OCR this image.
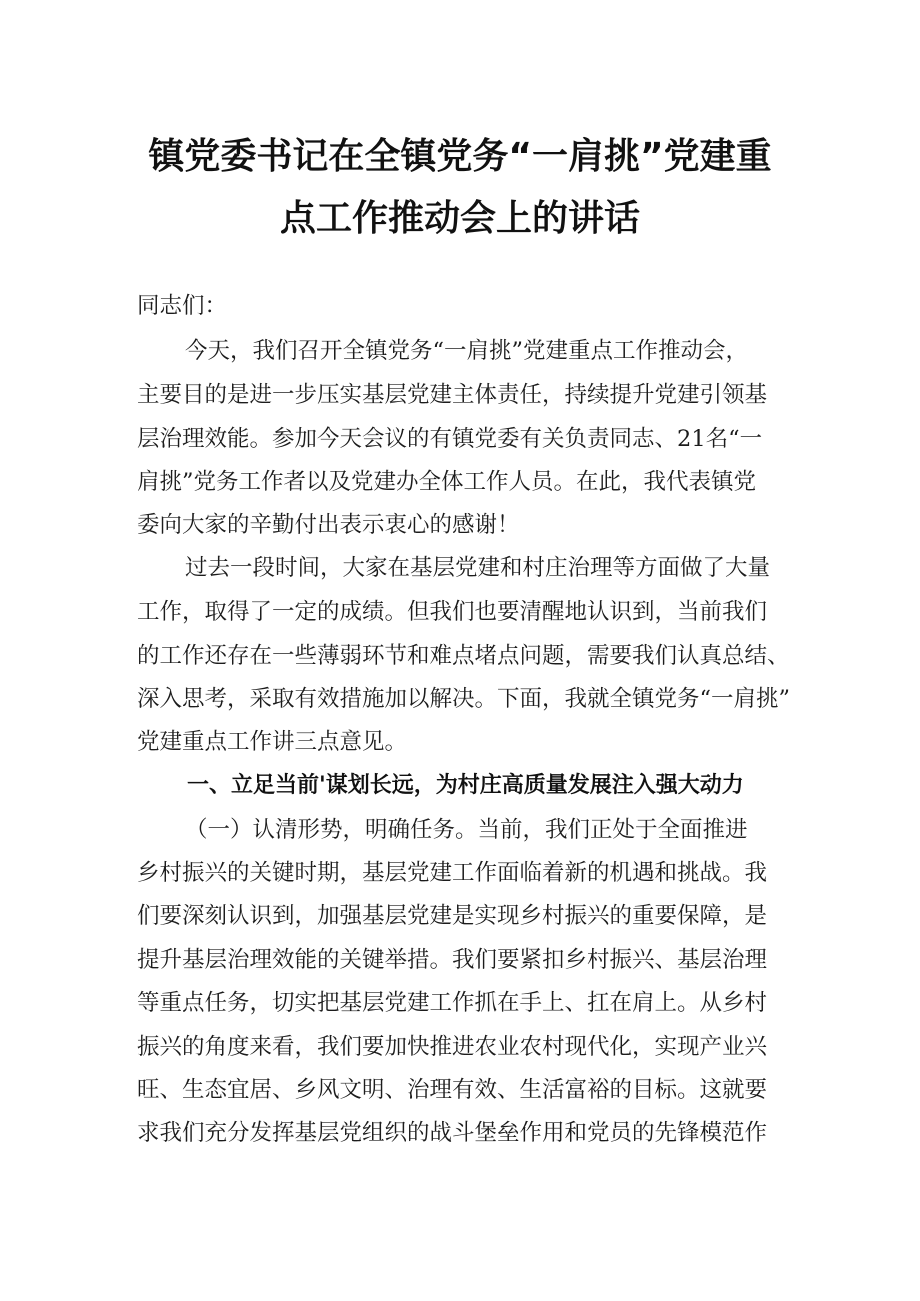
镇党委书记在全镇党务“一肩挑”党建重
点工作推动会上的讲话
同志们：
今天，我们召开全镇党务“一肩挑”党建重点工作推动会，
主要目的是进一步压实基层党建主体责任，持续提升党建引领基
层治理效能。参加今天会议的有镇党委有关负责同志、21名“一
肩挑”党务工作者以及党建办全体工作人员。在此，我代表镇党
委向大家的辛勤付出表示衷心的感谢！
过去一段时间，大家在基层党建和村庄治理等方面做了大量
工作，取得了一定的成绩。但我们也要清醒地认识到，当前我们
的工作还存在一些薄弱环节和难点堵点问题，需要我们认真总结、
深入思考，采取有效措施加以解决。下面，我就全镇党务“一肩挑”
党建重点工作讲三点意见。
一、立足当前'谋划长远，为村庄高质量发展注入强大动力
（一）认清形势，明确任务。当前，我们正处于全面推进
乡村振兴的关键时期，基层党建工作面临着新的机遇和挑战。我
们要深刻认识到，加强基层党建是实现乡村振兴的重要保障，是
提升基层治理效能的关键举措。我们要紧扣乡村振兴、基层治理
等重点任务，切实把基层党建工作抓在手上、扛在肩上。从乡村
振兴的角度来看，我们要加快推进农业农村现代化，实现产业兴
旺、生态宜居、乡风文明、治理有效、生活富裕的目标。这就要
求我们充分发挥基层党组织的战斗堡垒作用和党员的先锋模范作
